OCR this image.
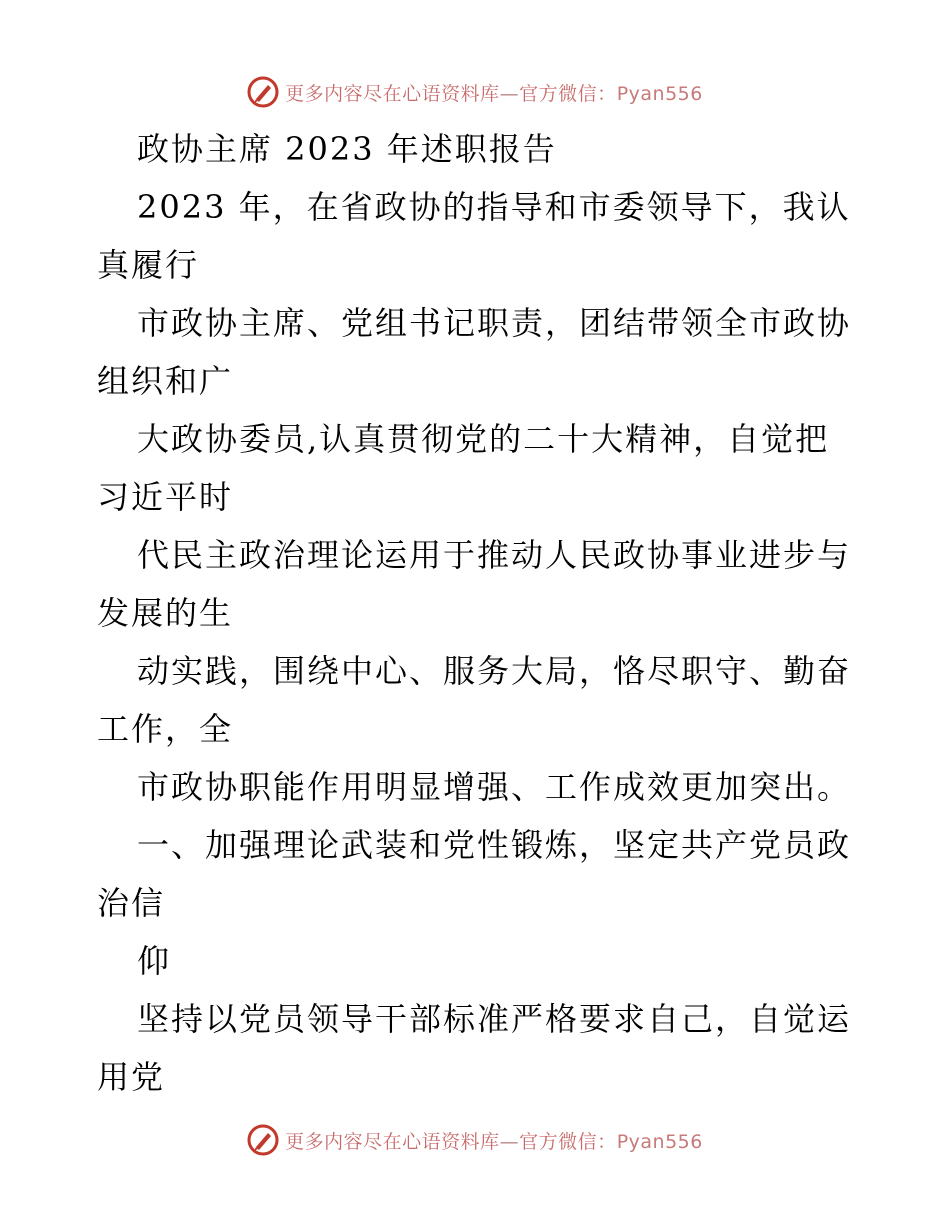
更多内容尽在心语资料库—官方微信：Pyan556
政协主席 2023 年述职报告
2023 年，在省政协的指导和市委领导下，我认
真履行
市政协主席、党组书记职责，团结带领全市政协
组织和广
大政协委员,认真贯彻党的二十大精神，自觉把
习近平时
代民主政治理论运用于推动人民政协事业进步与
发展的生
动实践，围绕中心、服务大局，恪尽职守、勤奋
工作，全
市政协职能作用明显增强、工作成效更加突出。
一、加强理论武装和党性锻炼，坚定共产党员政
治信
仰
坚持以党员领导干部标准严格要求自己，自觉运
用党
更多内容尽在心语资料库—官方微信：Pyan556
